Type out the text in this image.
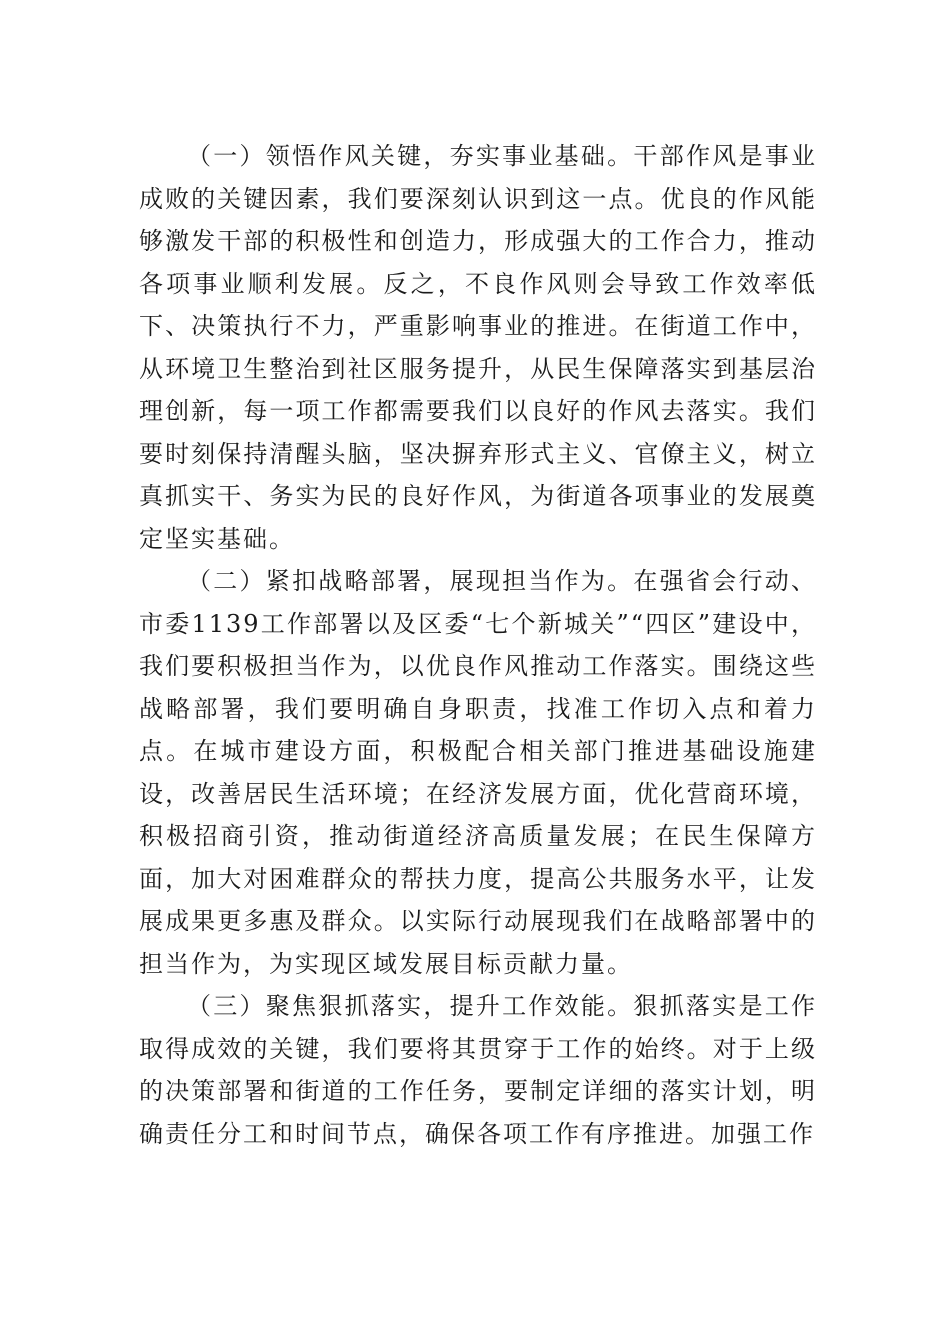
（一）领悟作风关键，夯实事业基础。干部作风是事业成败的关键因素，我们要深刻认识到这一点。优良的作风能够激发干部的积极性和创造力，形成强大的工作合力，推动各项事业顺利发展。反之，不良作风则会导致工作效率低下、决策执行不力，严重影响事业的推进。在街道工作中，从环境卫生整治到社区服务提升，从民生保障落实到基层治理创新，每一项工作都需要我们以良好的作风去落实。我们要时刻保持清醒头脑，坚决摒弃形式主义、官僚主义，树立真抓实干、务实为民的良好作风，为街道各项事业的发展奠定坚实基础。

（二）紧扣战略部署，展现担当作为。在强省会行动、市委1139工作部署以及区委“七个新城关”“四区”建设中，我们要积极担当作为，以优良作风推动工作落实。围绕这些战略部署，我们要明确自身职责，找准工作切入点和着力点。在城市建设方面，积极配合相关部门推进基础设施建设，改善居民生活环境；在经济发展方面，优化营商环境，积极招商引资，推动街道经济高质量发展；在民生保障方面，加大对困难群众的帮扶力度，提高公共服务水平，让发展成果更多惠及群众。以实际行动展现我们在战略部署中的担当作为，为实现区域发展目标贡献力量。

（三）聚焦狠抓落实，提升工作效能。狠抓落实是工作取得成效的关键，我们要将其贯穿于工作的始终。对于上级的决策部署和街道的工作任务，要制定详细的落实计划，明确责任分工和时间节点，确保各项工作有序推进。加强工作
